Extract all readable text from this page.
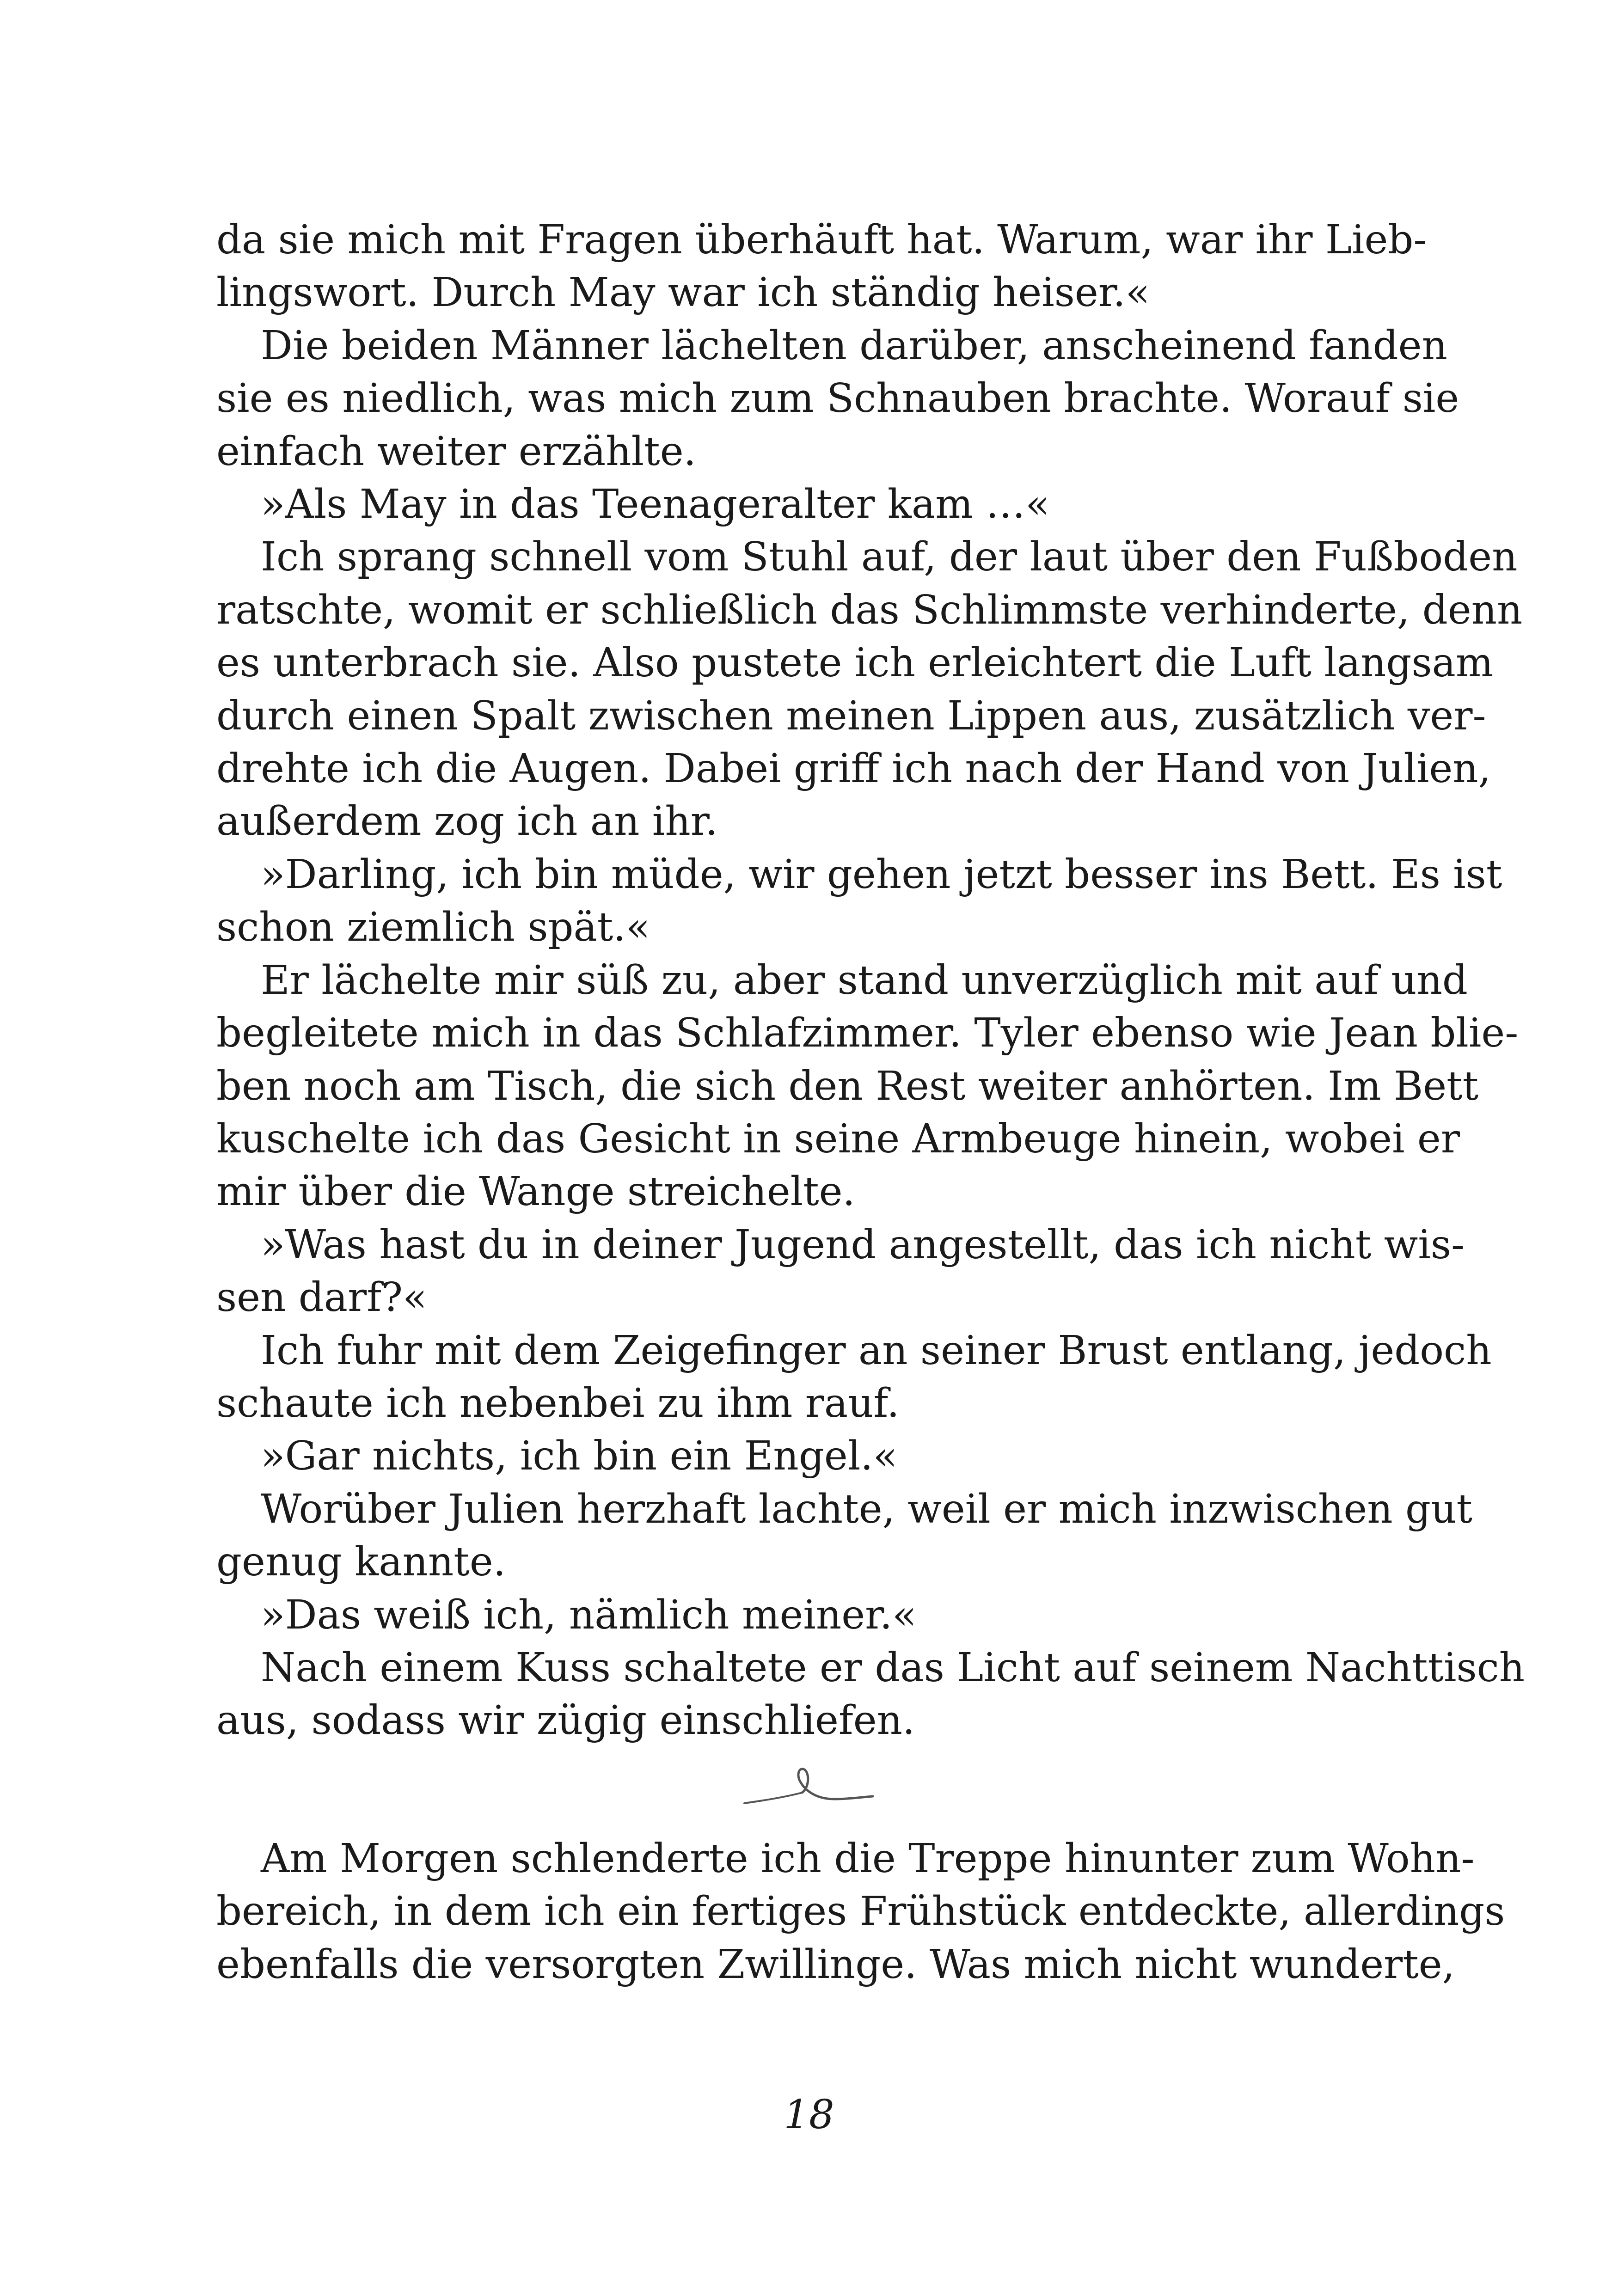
da sie mich mit Fragen überhäuft hat. Warum, war ihr Lieb-
lingswort. Durch May war ich ständig heiser.«
Die beiden Männer lächelten darüber, anscheinend fanden
sie es niedlich, was mich zum Schnauben brachte. Worauf sie
einfach weiter erzählte.
»Als May in das Teenageralter kam …«
Ich sprang schnell vom Stuhl auf, der laut über den Fußboden
ratschte, womit er schließlich das Schlimmste verhinderte, denn
es unterbrach sie. Also pustete ich erleichtert die Luft langsam
durch einen Spalt zwischen meinen Lippen aus, zusätzlich ver-
drehte ich die Augen. Dabei griff ich nach der Hand von Julien,
außerdem zog ich an ihr.
»Darling, ich bin müde, wir gehen jetzt besser ins Bett. Es ist
schon ziemlich spät.«
Er lächelte mir süß zu, aber stand unverzüglich mit auf und
begleitete mich in das Schlafzimmer. Tyler ebenso wie Jean blie-
ben noch am Tisch, die sich den Rest weiter anhörten. Im Bett
kuschelte ich das Gesicht in seine Armbeuge hinein, wobei er
mir über die Wange streichelte.
»Was hast du in deiner Jugend angestellt, das ich nicht wis-
sen darf?«
Ich fuhr mit dem Zeigefinger an seiner Brust entlang, jedoch
schaute ich nebenbei zu ihm rauf.
»Gar nichts, ich bin ein Engel.«
Worüber Julien herzhaft lachte, weil er mich inzwischen gut
genug kannte.
»Das weiß ich, nämlich meiner.«
Nach einem Kuss schaltete er das Licht auf seinem Nachttisch
aus, sodass wir zügig einschliefen.
Am Morgen schlenderte ich die Treppe hinunter zum Wohn-
bereich, in dem ich ein fertiges Frühstück entdeckte, allerdings
ebenfalls die versorgten Zwillinge. Was mich nicht wunderte,
18
